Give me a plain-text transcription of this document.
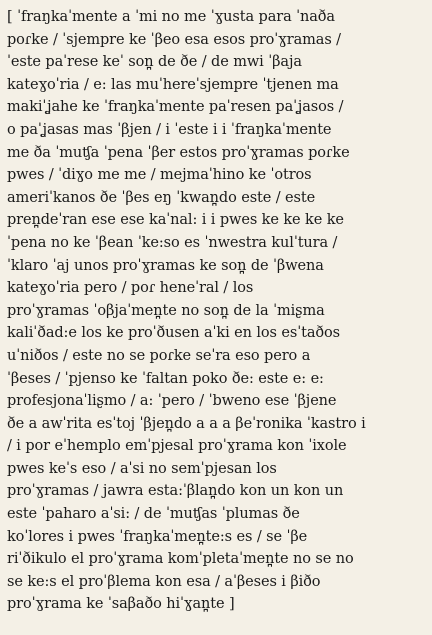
[ ˈfraŋkaˈmente a ˈmi no me ˈɣusta para ˈnaða
poɾke / ˈsjempre ke ˈβeo esa esos proˈɣramas /
ˈeste paˈrese keˈ son̪ de ðe / de mwi ˈβaja
kateɣoˈria / e: las muˈhereˈsjempre ˈtjenen ma
makiˈʝahe ke ˈfraŋkaˈmente paˈresen paˈʝasos /
o paˈʝasas mas ˈβjen / i ˈeste i i ˈfraŋkaˈmente
me ða ˈmuʧa ˈpena ˈβer estos proˈɣramas poɾke
pwes / ˈdiɣo me me / mejmaˈhino ke ˈotros
ameriˈkanos ðe ˈβes eŋ ˈkwan̪do este / este
pren̪deˈran ese ese kaˈnal: i i pwes ke ke ke ke
ˈpena no ke ˈβean ˈke:so es ˈnwestra kulˈtura /
ˈklaro ˈaj unos proˈɣramas ke son̪ de ˈβwena
kateɣoˈria pero / poɾ heneˈral / los
proˈɣramas ˈoβjaˈmen̪te no son̪ de la ˈmiʂma
kaliˈðad:e los ke proˈðusen aˈki en los esˈtaðos
uˈniðos / este no se poɾke seˈra eso pero a
ˈβeses / ˈpjenso ke ˈfaltan poko ðe: este e: e:
profesjonaˈliʂmo / a: ˈpero / ˈbweno ese ˈβjene
ðe a awˈrita esˈtoj ˈβjen̪do a a a βeˈronika ˈkastro i
/ i por eˈhemplo emˈpjesal proˈɣrama kon ˈixole
pwes keˈs eso / aˈsi no semˈpjesan los
proˈɣramas / jawra esta:ˈβlan̪do kon un kon un
este ˈpaharo aˈsi: / de ˈmuʧas ˈplumas ðe
koˈlores i pwes ˈfraŋkaˈmen̪te:s es / se ˈβe
riˈðikulo el proˈɣrama komˈpletaˈmen̪te no se no
se ke:s el proˈβlema kon esa / aˈβeses i βiðo
proˈɣrama ke ˈsaβaðo hiˈɣan̪te ]
